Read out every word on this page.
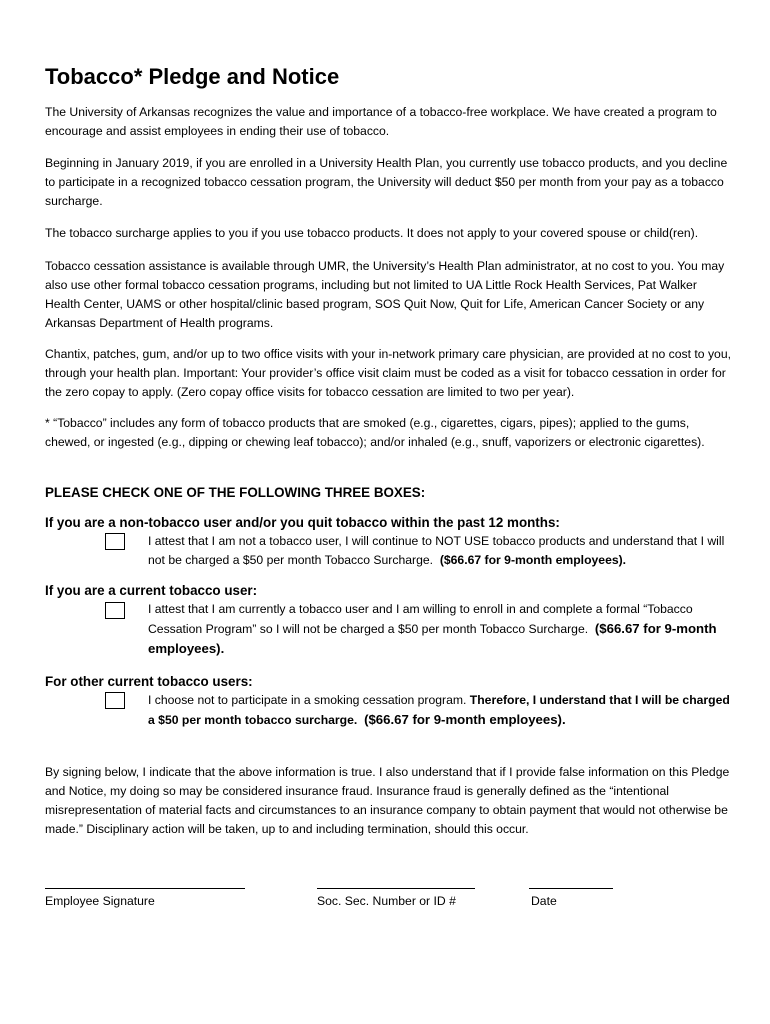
Tobacco* Pledge and Notice

The University of Arkansas recognizes the value and importance of a tobacco-free workplace. We have created a program to encourage and assist employees in ending their use of tobacco.

Beginning in January 2019, if you are enrolled in a University Health Plan, you currently use tobacco products, and you decline to participate in a recognized tobacco cessation program, the University will deduct $50 per month from your pay as a tobacco surcharge.

The tobacco surcharge applies to you if you use tobacco products. It does not apply to your covered spouse or child(ren).

Tobacco cessation assistance is available through UMR, the University’s Health Plan administrator, at no cost to you. You may also use other formal tobacco cessation programs, including but not limited to UA Little Rock Health Services, Pat Walker Health Center, UAMS or other hospital/clinic based program, SOS Quit Now, Quit for Life, American Cancer Society or any Arkansas Department of Health programs.

Chantix, patches, gum, and/or up to two office visits with your in-network primary care physician, are provided at no cost to you, through your health plan. Important: Your provider’s office visit claim must be coded as a visit for tobacco cessation in order for the zero copay to apply. (Zero copay office visits for tobacco cessation are limited to two per year).

* “Tobacco” includes any form of tobacco products that are smoked (e.g., cigarettes, cigars, pipes); applied to the gums, chewed, or ingested (e.g., dipping or chewing leaf tobacco); and/or inhaled (e.g., snuff, vaporizers or electronic cigarettes).

PLEASE CHECK ONE OF THE FOLLOWING THREE BOXES:

If you are a non-tobacco user and/or you quit tobacco within the past 12 months:

I attest that I am not a tobacco user, I will continue to NOT USE tobacco products and understand that I will not be charged a $50 per month Tobacco Surcharge. ($66.67 for 9-month employees).

If you are a current tobacco user:

I attest that I am currently a tobacco user and I am willing to enroll in and complete a formal “Tobacco Cessation Program” so I will not be charged a $50 per month Tobacco Surcharge. ($66.67 for 9-month employees).

For other current tobacco users:

I choose not to participate in a smoking cessation program. Therefore, I understand that I will be charged a $50 per month tobacco surcharge. ($66.67 for 9-month employees).

By signing below, I indicate that the above information is true. I also understand that if I provide false information on this Pledge and Notice, my doing so may be considered insurance fraud. Insurance fraud is generally defined as the “intentional misrepresentation of material facts and circumstances to an insurance company to obtain payment that would not otherwise be made.” Disciplinary action will be taken, up to and including termination, should this occur.

Employee Signature	Soc. Sec. Number or ID #	Date
